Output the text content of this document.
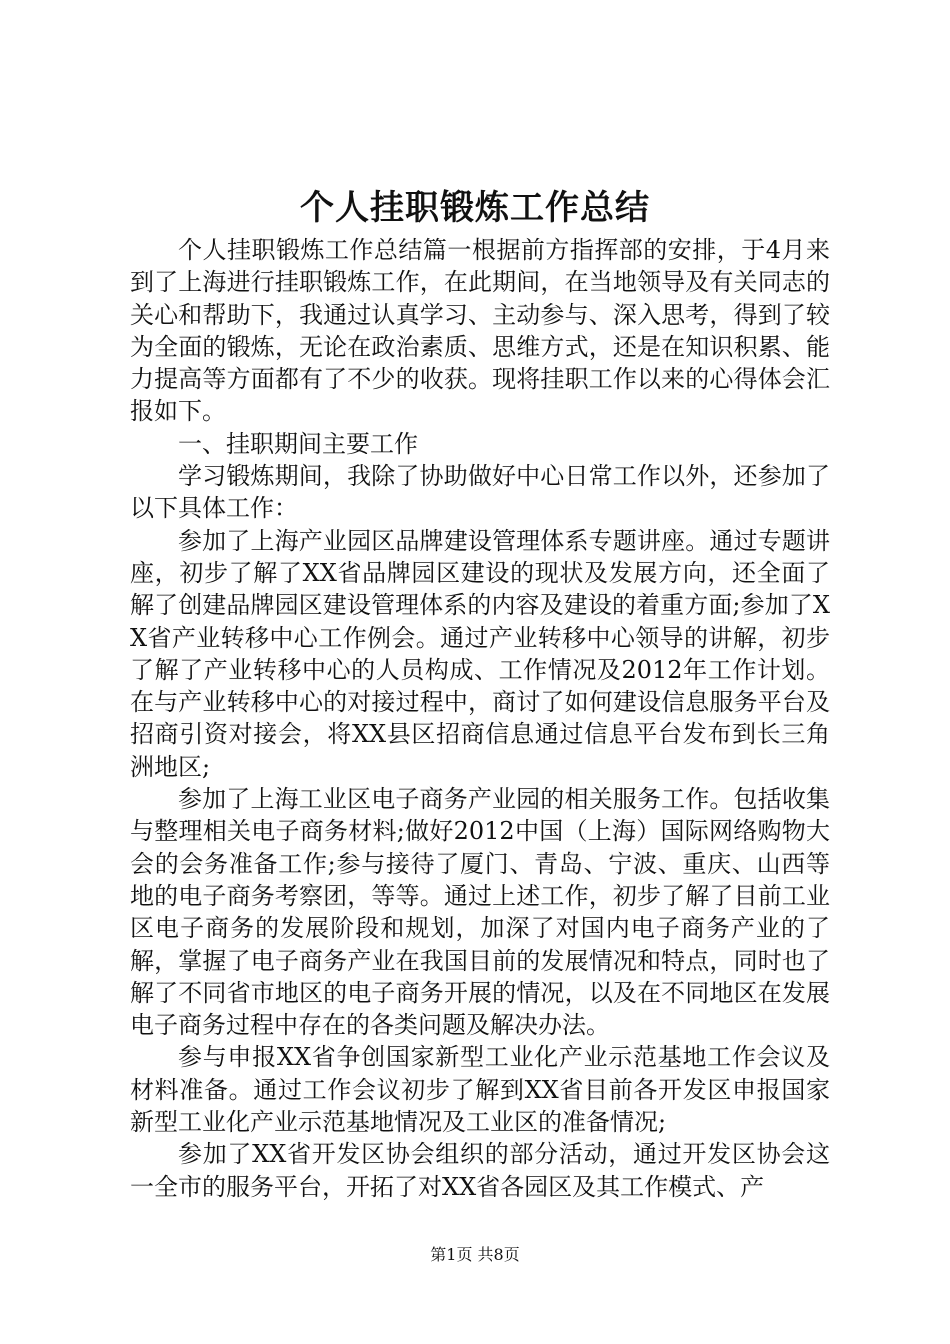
个人挂职锻炼工作总结

个人挂职锻炼工作总结篇一根据前方指挥部的安排，于4月来到了上海进行挂职锻炼工作，在此期间，在当地领导及有关同志的关心和帮助下，我通过认真学习、主动参与、深入思考，得到了较为全面的锻炼，无论在政治素质、思维方式，还是在知识积累、能力提高等方面都有了不少的收获。现将挂职工作以来的心得体会汇报如下。

一、挂职期间主要工作

学习锻炼期间，我除了协助做好中心日常工作以外，还参加了以下具体工作：

参加了上海产业园区品牌建设管理体系专题讲座。通过专题讲座，初步了解了XX省品牌园区建设的现状及发展方向，还全面了解了创建品牌园区建设管理体系的内容及建设的着重方面;参加了XX省产业转移中心工作例会。通过产业转移中心领导的讲解，初步了解了产业转移中心的人员构成、工作情况及2012年工作计划。在与产业转移中心的对接过程中，商讨了如何建设信息服务平台及招商引资对接会，将XX县区招商信息通过信息平台发布到长三角洲地区;

参加了上海工业区电子商务产业园的相关服务工作。包括收集与整理相关电子商务材料;做好2012中国（上海）国际网络购物大会的会务准备工作;参与接待了厦门、青岛、宁波、重庆、山西等地的电子商务考察团，等等。通过上述工作，初步了解了目前工业区电子商务的发展阶段和规划，加深了对国内电子商务产业的了解，掌握了电子商务产业在我国目前的发展情况和特点，同时也了解了不同省市地区的电子商务开展的情况，以及在不同地区在发展电子商务过程中存在的各类问题及解决办法。

参与申报XX省争创国家新型工业化产业示范基地工作会议及材料准备。通过工作会议初步了解到XX省目前各开发区申报国家新型工业化产业示范基地情况及工业区的准备情况;

参加了XX省开发区协会组织的部分活动，通过开发区协会这一全市的服务平台，开拓了对XX省各园区及其工作模式、产

第1页 共8页
